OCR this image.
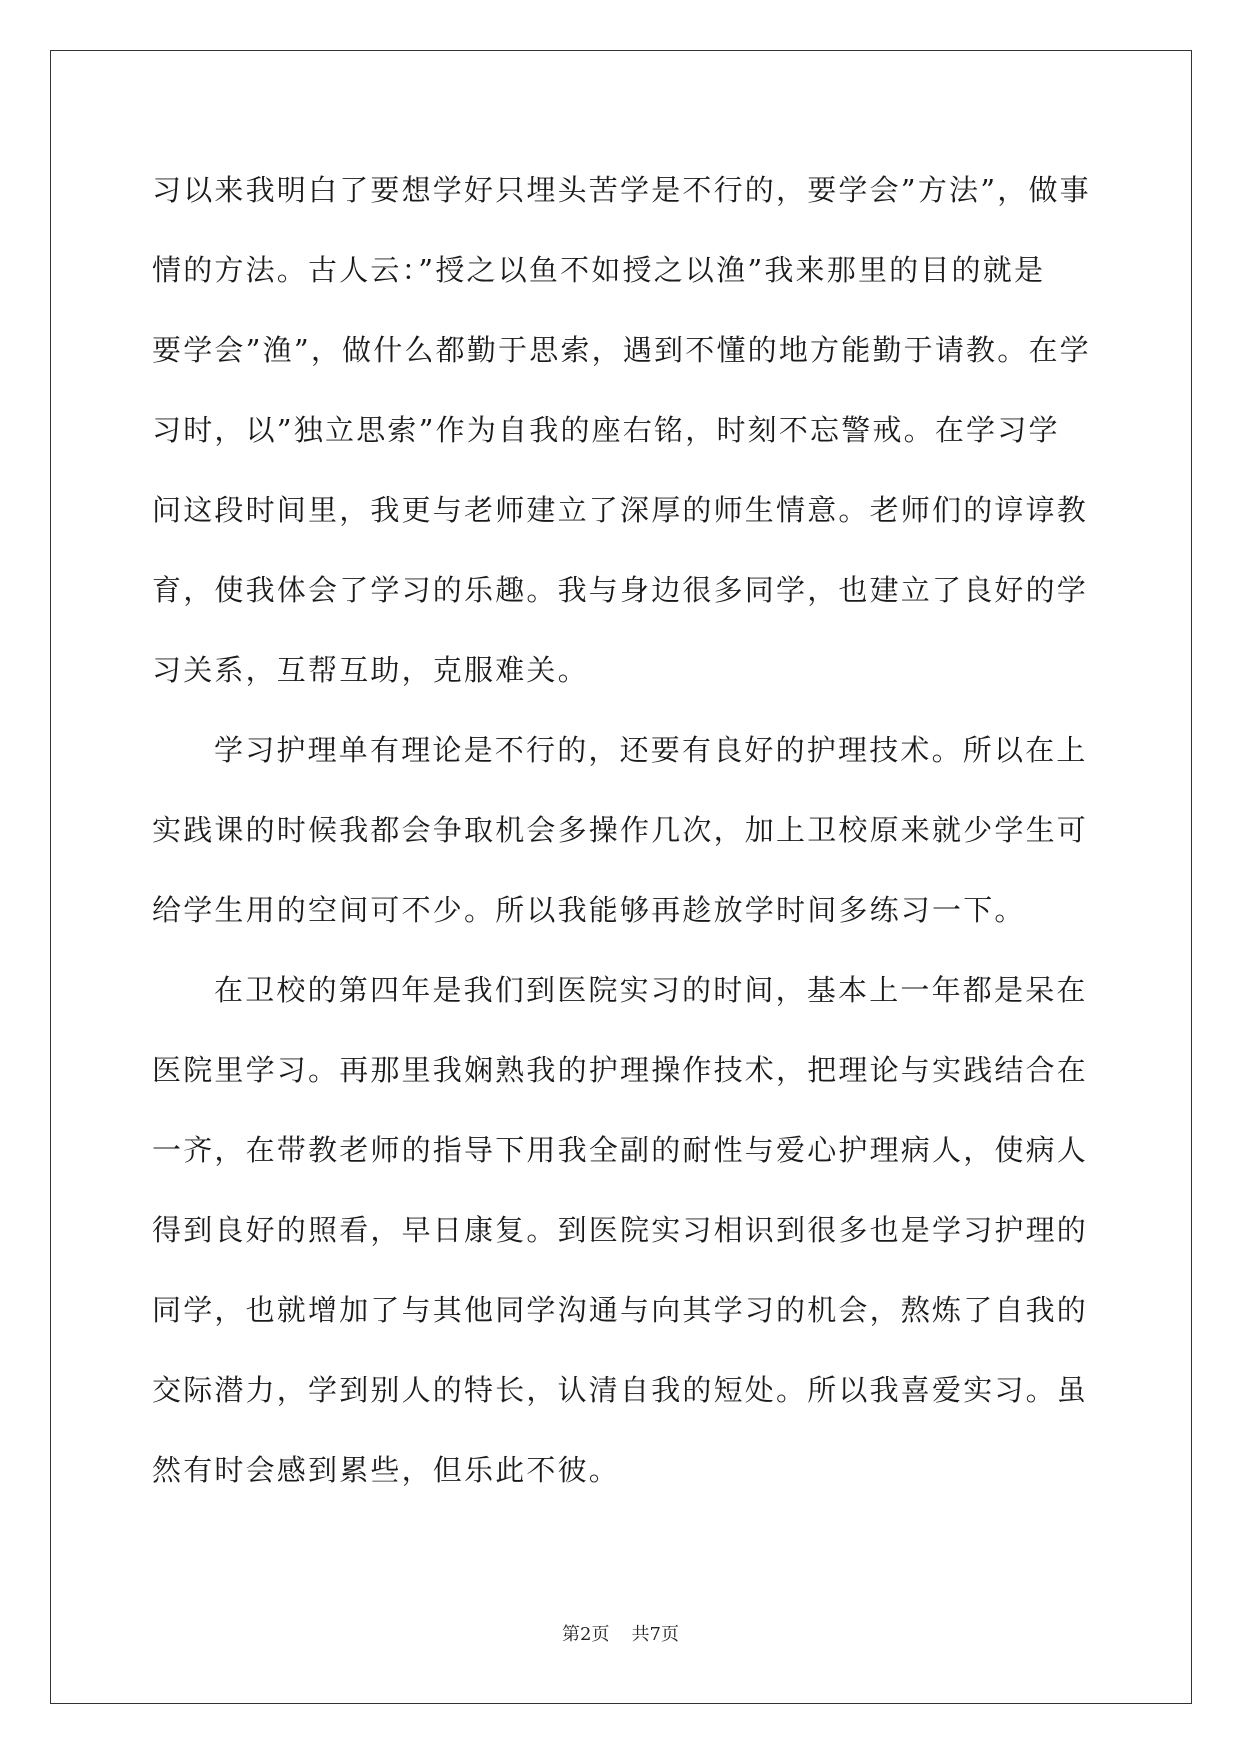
习以来我明白了要想学好只埋头苦学是不行的，要学会”方法”，做事
情的方法。古人云：”授之以鱼不如授之以渔”我来那里的目的就是
要学会”渔”，做什么都勤于思索，遇到不懂的地方能勤于请教。在学
习时，以”独立思索”作为自我的座右铭，时刻不忘警戒。在学习学
问这段时间里，我更与老师建立了深厚的师生情意。老师们的谆谆教
育，使我体会了学习的乐趣。我与身边很多同学，也建立了良好的学
习关系，互帮互助，克服难关。
学习护理单有理论是不行的，还要有良好的护理技术。所以在上
实践课的时候我都会争取机会多操作几次，加上卫校原来就少学生可
给学生用的空间可不少。所以我能够再趁放学时间多练习一下。
在卫校的第四年是我们到医院实习的时间，基本上一年都是呆在
医院里学习。再那里我娴熟我的护理操作技术，把理论与实践结合在
一齐，在带教老师的指导下用我全副的耐性与爱心护理病人，使病人
得到良好的照看，早日康复。到医院实习相识到很多也是学习护理的
同学，也就增加了与其他同学沟通与向其学习的机会，熬炼了自我的
交际潜力，学到别人的特长，认清自我的短处。所以我喜爱实习。虽
然有时会感到累些，但乐此不彼。
第2页 共7页
